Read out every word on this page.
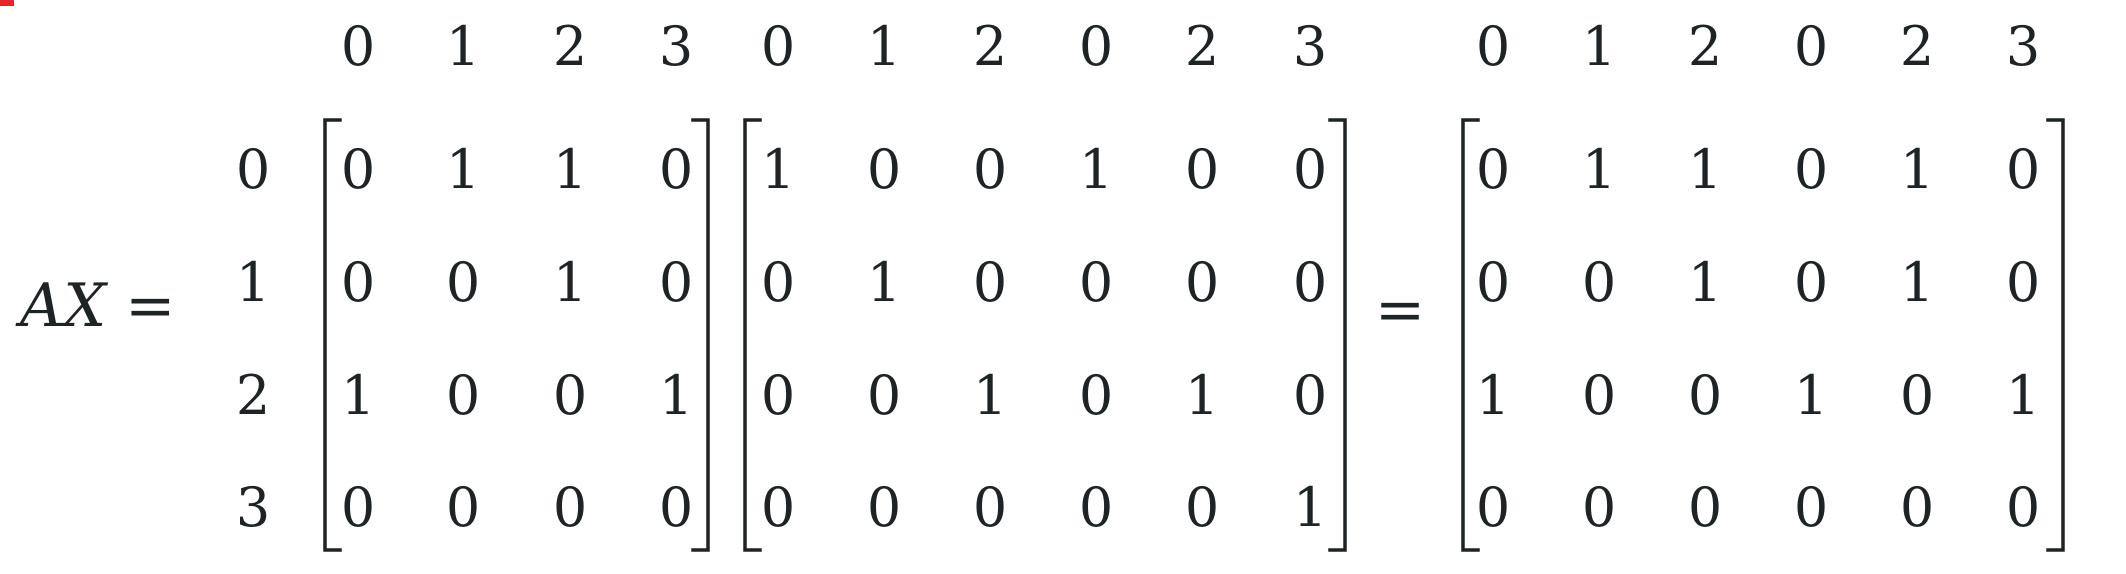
AX =	=
0 1 2 3
0
1
2
3
0 1 1 0
0 0 1 0
1 0 0 1
0 0 0 0
0 1 2 0 2 3
1 0 0 1 0 0
0 1 0 0 0 0
0 0 1 0 1 0
0 0 0 0 0 1
0 1 2 0 2 3
0 1 1 0 1 0
0 0 1 0 1 0
1 0 0 1 0 1
0 0 0 0 0 0
